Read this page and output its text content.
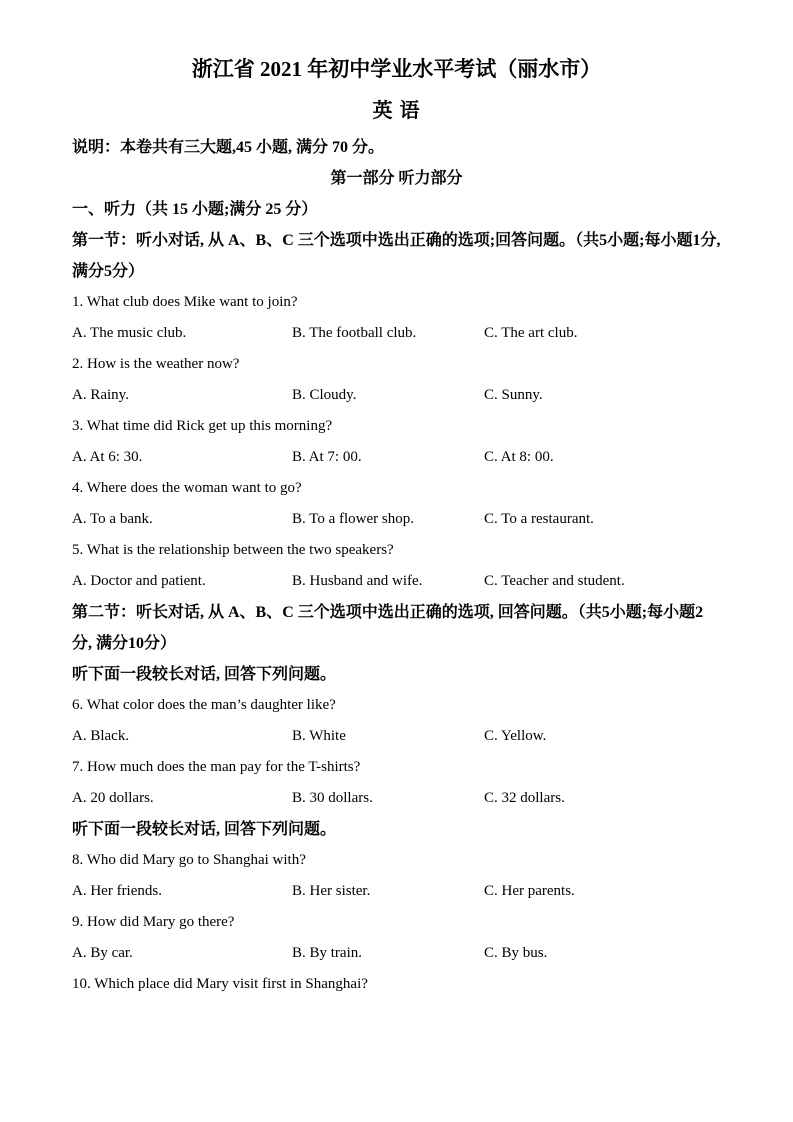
浙江省 2021 年初中学业水平考试（丽水市）

英 语

说明：本卷共有三大题,45 小题, 满分 70 分。

第一部分 听力部分

一、听力（共 15 小题;满分 25 分）

第一节：听小对话, 从 A、B、C 三个选项中选出正确的选项;回答问题。（共5小题;每小题1分, 满分5分）

1. What club does Mike want to join?

A. The music club.	B. The football club.	C. The art club.

2. How is the weather now?

A. Rainy.	B. Cloudy.	C. Sunny.

3. What time did Rick get up this morning?

A. At 6: 30.	B. At 7: 00.	C. At 8: 00.

4. Where does the woman want to go?

A. To a bank.	B. To a flower shop.	C. To a restaurant.

5. What is the relationship between the two speakers?

A. Doctor and patient.	B. Husband and wife.	C. Teacher and student.

第二节：听长对话, 从 A、B、C 三个选项中选出正确的选项, 回答问题。（共5小题;每小题2分, 满分10分）

听下面一段较长对话, 回答下列问题。

6. What color does the man’s daughter like?

A. Black.	B. White	C. Yellow.

7. How much does the man pay for the T-shirts?

A. 20 dollars.	B. 30 dollars.	C. 32 dollars.

听下面一段较长对话, 回答下列问题。

8. Who did Mary go to Shanghai with?

A. Her friends.	B. Her sister.	C. Her parents.

9. How did Mary go there?

A. By car.	B. By train.	C. By bus.

10. Which place did Mary visit first in Shanghai?
